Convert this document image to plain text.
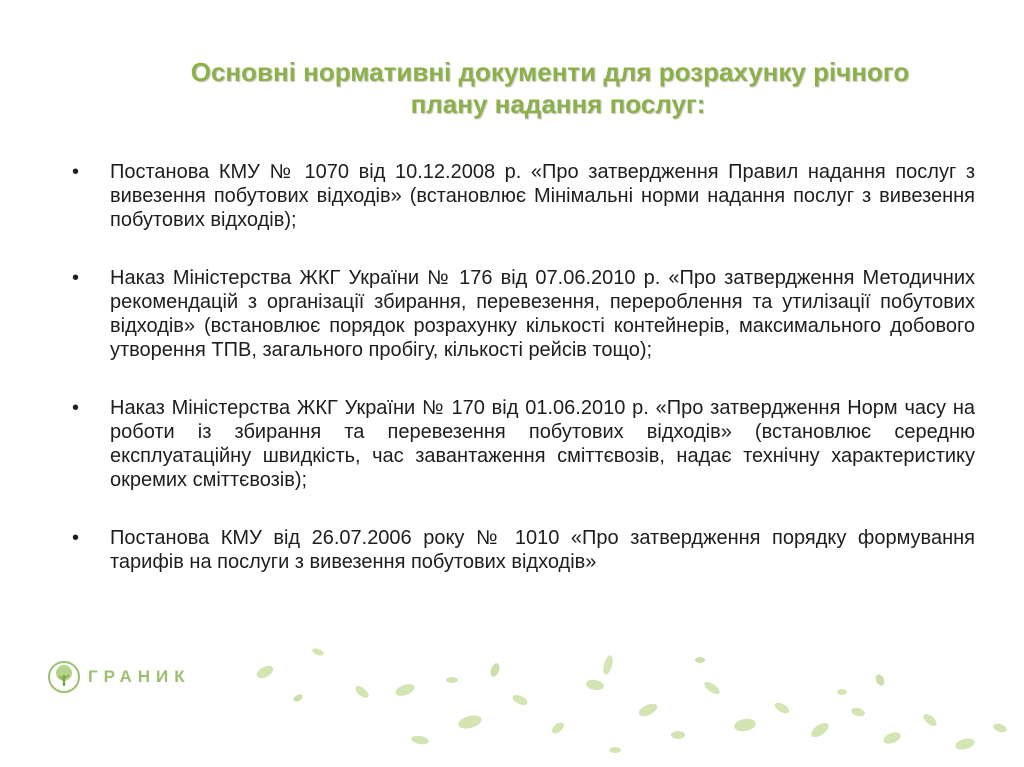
Основні нормативні документи для розрахунку річного
плану надання послуг:
•	Постанова КМУ № 1070 від 10.12.2008 р. «Про затвердження Правил надання послуг з вивезення побутових відходів» (встановлює Мінімальні норми надання послуг з вивезення побутових відходів);
•	Наказ Міністерства ЖКГ України № 176 від 07.06.2010 р. «Про затвердження Методичних рекомендацій з організації збирання, перевезення, перероблення та утилізації побутових відходів» (встановлює порядок розрахунку кількості контейнерів, максимального добового утворення ТПВ, загального пробігу, кількості рейсів тощо);
•	Наказ Міністерства ЖКГ України № 170 від 01.06.2010 р. «Про затвердження Норм часу на роботи із збирання та перевезення побутових відходів» (встановлює середню експлуатаційну швидкість, час завантаження сміттєвозів, надає технічну характеристику окремих сміттєвозів);
•	Постанова КМУ від 26.07.2006 року № 1010 «Про затвердження порядку формування тарифів на послуги з вивезення побутових відходів»
ГРАНИК
